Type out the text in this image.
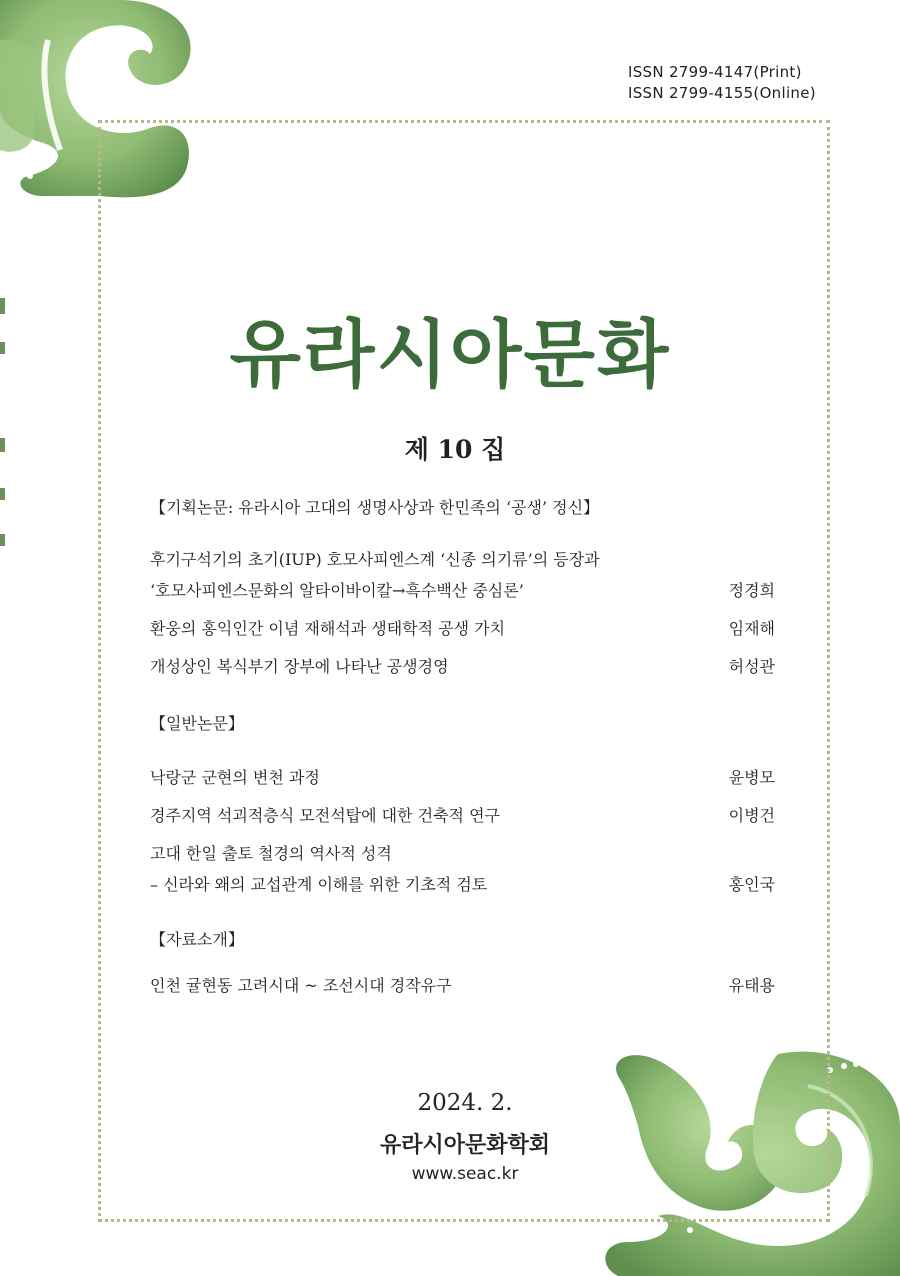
ISSN 2799-4147(Print)
ISSN 2799-4155(Online)
유라시아문화
제 10 집
【기획논문: 유라시아 고대의 생명사상과 한민족의 ‘공생’ 정신】
후기구석기의 초기(IUP) 호모사피엔스계 ‘신종 의기류’의 등장과
‘호모사피엔스문화의 알타이바이칼→흑수백산 중심론’	정경희
환웅의 홍익인간 이념 재해석과 생태학적 공생 가치	임재해
개성상인 복식부기 장부에 나타난 공생경영	허성관
【일반논문】
낙랑군 군현의 변천 과정	윤병모
경주지역 석괴적층식 모전석탑에 대한 건축적 연구	이병건
고대 한일 출토 철경의 역사적 성격
– 신라와 왜의 교섭관계 이해를 위한 기초적 검토	홍인국
【자료소개】
인천 귤현동 고려시대 ~ 조선시대 경작유구	유태용
2024. 2.
유라시아문화학회
www.seac.kr
